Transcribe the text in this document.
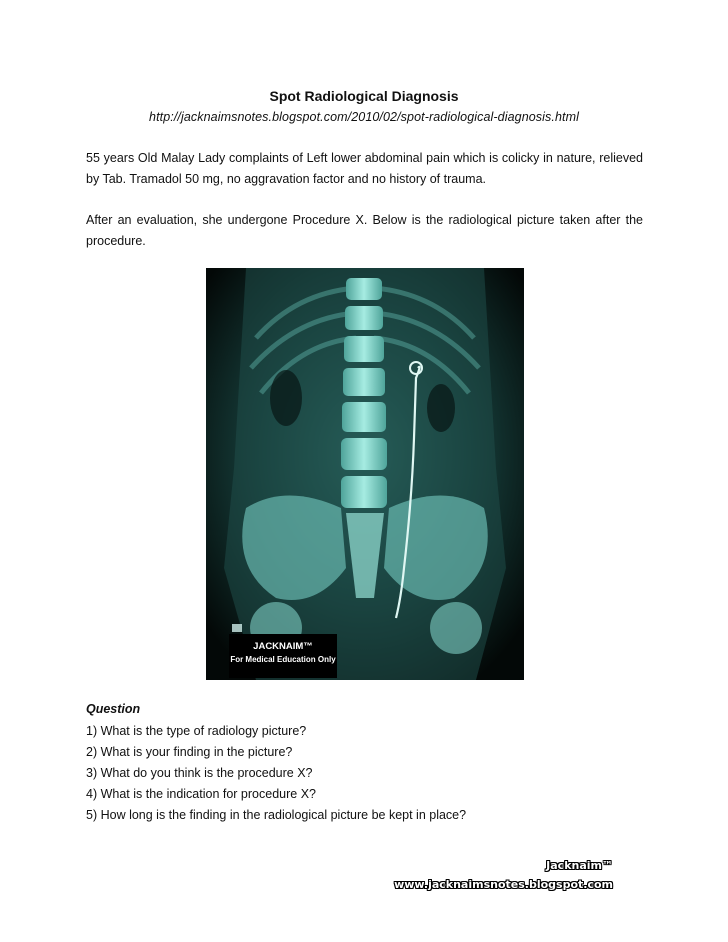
Spot Radiological Diagnosis
http://jacknaimsnotes.blogspot.com/2010/02/spot-radiological-diagnosis.html
55 years Old Malay Lady complaints of Left lower abdominal pain which is colicky in nature, relieved by Tab. Tramadol 50 mg, no aggravation factor and no history of trauma.
After an evaluation, she undergone Procedure X. Below is the radiological picture taken after the procedure.
JACKNAIM™
For Medical Education Only
Question
1) What is the type of radiology picture?
2) What is your finding in the picture?
3) What do you think is the procedure X?
4) What is the indication for procedure X?
5) How long is the finding in the radiological picture be kept in place?
Jacknaim™
www.jacknaimsnotes.blogspot.com
